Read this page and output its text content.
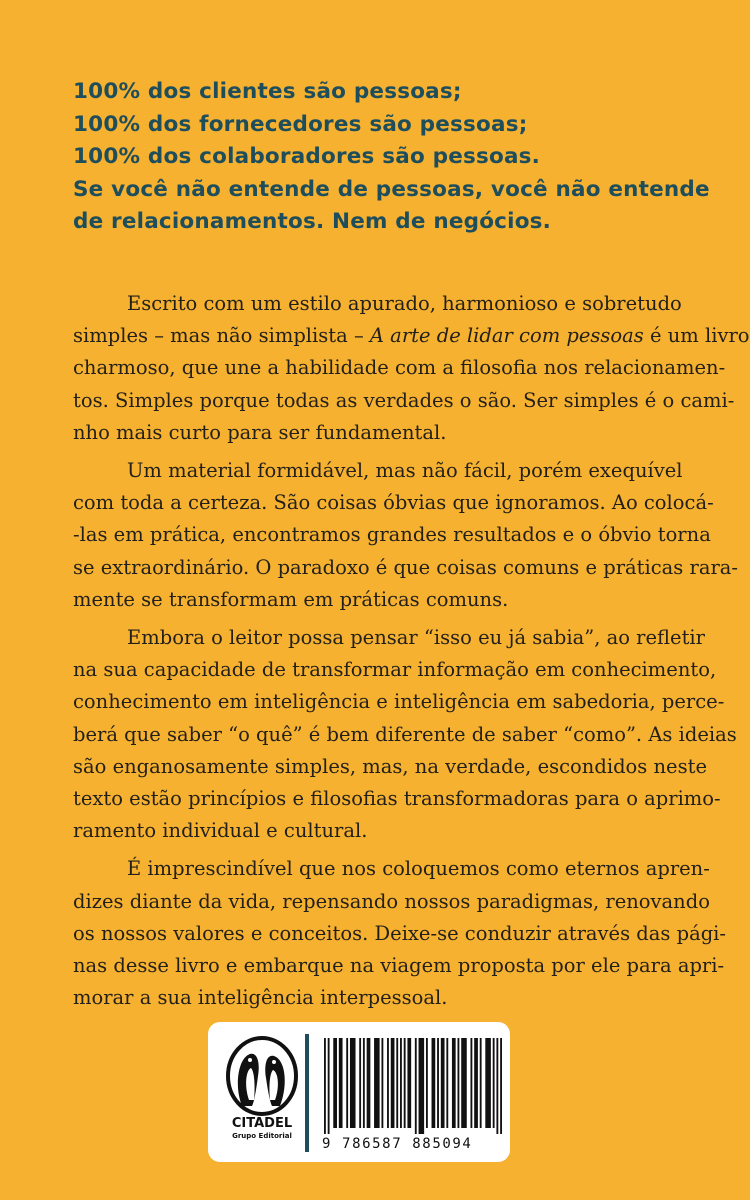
100% dos clientes são pessoas;
100% dos fornecedores são pessoas;
100% dos colaboradores são pessoas.
Se você não entende de pessoas, você não entende
de relacionamentos. Nem de negócios.

Escrito com um estilo apurado, harmonioso e sobretudo
simples – mas não simplista – A arte de lidar com pessoas é um livro
charmoso, que une a habilidade com a filosofia nos relacionamen-
tos. Simples porque todas as verdades o são. Ser simples é o cami-
nho mais curto para ser fundamental.

Um material formidável, mas não fácil, porém exequível
com toda a certeza. São coisas óbvias que ignoramos. Ao colocá-
-las em prática, encontramos grandes resultados e o óbvio torna
se extraordinário. O paradoxo é que coisas comuns e práticas rara-
mente se transformam em práticas comuns.

Embora o leitor possa pensar “isso eu já sabia”, ao refletir
na sua capacidade de transformar informação em conhecimento,
conhecimento em inteligência e inteligência em sabedoria, perce-
berá que saber “o quê” é bem diferente de saber “como”. As ideias
são enganosamente simples, mas, na verdade, escondidos neste
texto estão princípios e filosofias transformadoras para o aprimo-
ramento individual e cultural.

É imprescindível que nos coloquemos como eternos apren-
dizes diante da vida, repensando nossos paradigmas, renovando
os nossos valores e conceitos. Deixe-se conduzir através das pági-
nas desse livro e embarque na viagem proposta por ele para apri-
morar a sua inteligência interpessoal.

CITADEL
Grupo Editorial	9 786587 885094
